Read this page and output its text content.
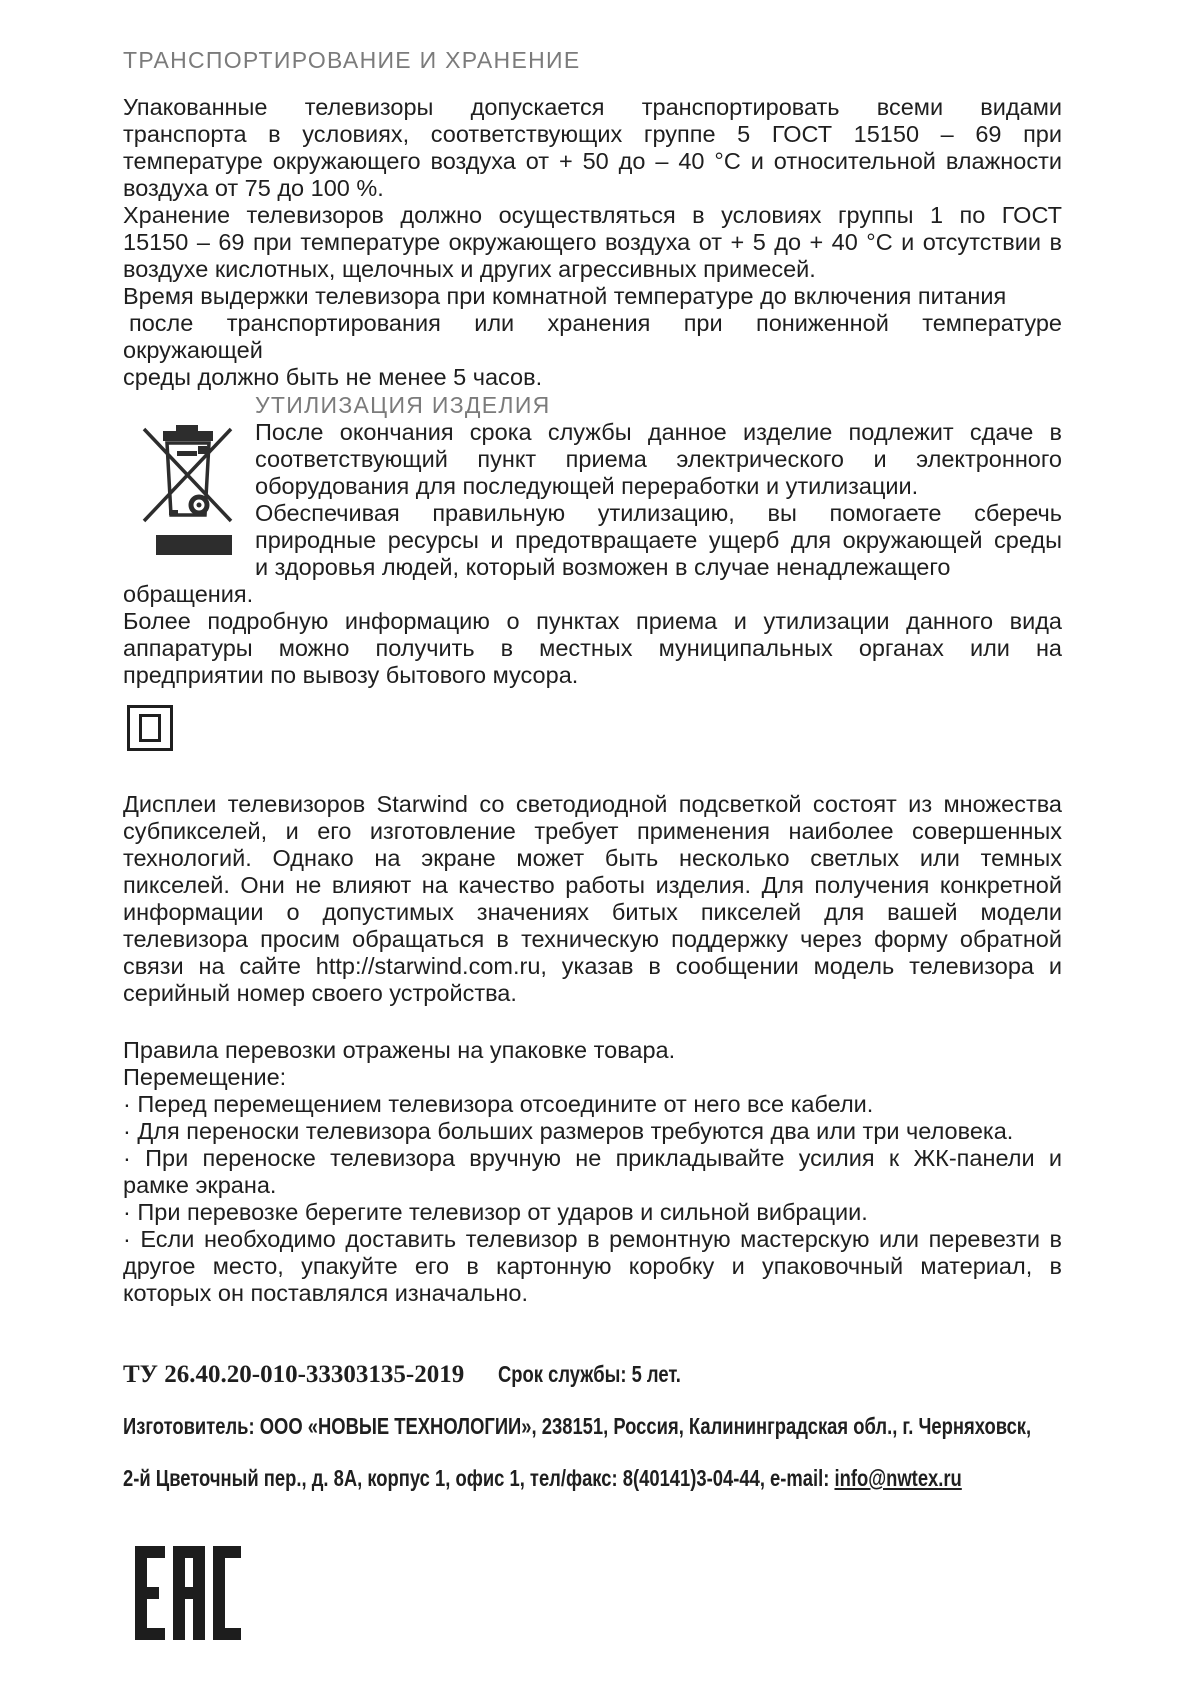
ТРАНСПОРТИРОВАНИЕ И ХРАНЕНИЕ
Упакованные телевизоры допускается транспортировать всеми видами
транспорта в условиях, соответствующих группе 5 ГОСТ 15150 – 69 при
температуре окружающего воздуха от + 50 до – 40 °С и относительной влажности
воздуха от 75 до 100 %.
Хранение телевизоров должно осуществляться в условиях группы 1 по ГОСТ
15150 – 69 при температуре окружающего воздуха от + 5 до + 40 °С и отсутствии в
воздухе кислотных, щелочных и других агрессивных примесей.
Время выдержки телевизора при комнатной температуре до включения питания
после транспортирования или хранения при пониженной температуре
окружающей
среды должно быть не менее 5 часов.
УТИЛИЗАЦИЯ ИЗДЕЛИЯ
После окончания срока службы данное изделие подлежит сдаче в
соответствующий пункт приема электрического и электронного
оборудования для последующей переработки и утилизации.
Обеспечивая правильную утилизацию, вы помогаете сберечь
природные ресурсы и предотвращаете ущерб для окружающей среды
и здоровья людей, который возможен в случае ненадлежащего обращения.
Более подробную информацию о пунктах приема и утилизации данного вида
аппаратуры можно получить в местных муниципальных органах или на
предприятии по вывозу бытового мусора.
Дисплеи телевизоров Starwind со светодиодной подсветкой состоят из множества
субпикселей, и его изготовление требует применения наиболее совершенных
технологий. Однако на экране может быть несколько светлых или темных
пикселей. Они не влияют на качество работы изделия. Для получения конкретной
информации о допустимых значениях битых пикселей для вашей модели
телевизора просим обращаться в техническую поддержку через форму обратной
связи на сайте http://starwind.com.ru, указав в сообщении модель телевизора и
серийный номер своего устройства.
Правила перевозки отражены на упаковке товара.
Перемещение:
· Перед перемещением телевизора отсоедините от него все кабели.
· Для переноски телевизора больших размеров требуются два или три человека.
· При переноске телевизора вручную не прикладывайте усилия к ЖК-панели и
рамке экрана.
· При перевозке берегите телевизор от ударов и сильной вибрации.
· Если необходимо доставить телевизор в ремонтную мастерскую или перевезти в
другое место, упакуйте его в картонную коробку и упаковочный материал, в
которых он поставлялся изначально.
ТУ 26.40.20-010-33303135-2019 Срок службы: 5 лет.
Изготовитель: ООО «НОВЫЕ ТЕХНОЛОГИИ», 238151, Россия, Калининградская обл., г. Черняховск,
2-й Цветочный пер., д. 8А, корпус 1, офис 1, тел/факс: 8(40141)3-04-44, e-mail: info@nwtex.ru
